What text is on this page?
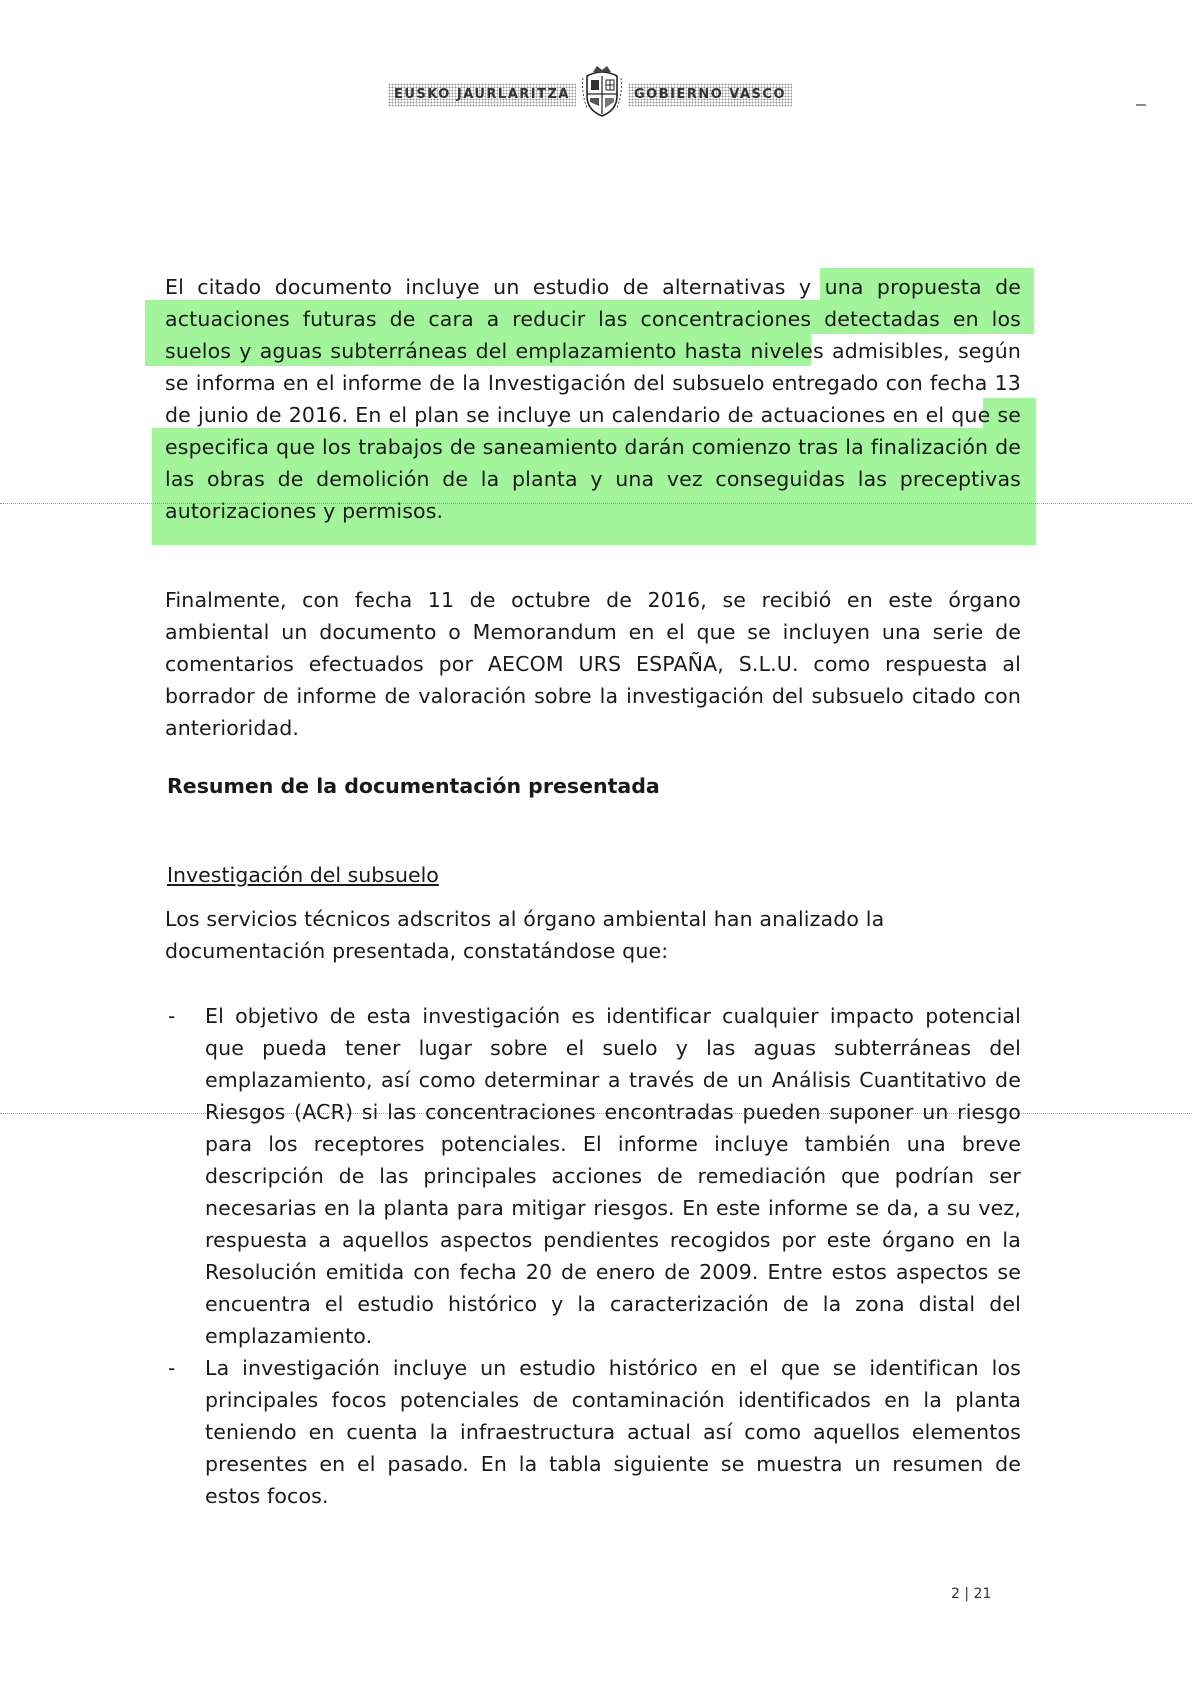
EUSKO JAURLARITZA	GOBIERNO VASCO

El citado documento incluye un estudio de alternativas y una propuesta de actuaciones futuras de cara a reducir las concentraciones detectadas en los suelos y aguas subterráneas del emplazamiento hasta niveles admisibles, según se informa en el informe de la Investigación del subsuelo entregado con fecha 13 de junio de 2016. En el plan se incluye un calendario de actuaciones en el que se especifica que los trabajos de saneamiento darán comienzo tras la finalización de las obras de demolición de la planta y una vez conseguidas las preceptivas autorizaciones y permisos.

Finalmente, con fecha 11 de octubre de 2016, se recibió en este órgano ambiental un documento o Memorandum en el que se incluyen una serie de comentarios efectuados por AECOM URS ESPAÑA, S.L.U. como respuesta al borrador de informe de valoración sobre la investigación del subsuelo citado con anterioridad.

Resumen de la documentación presentada
Investigación del subsuelo

Los servicios técnicos adscritos al órgano ambiental han analizado la documentación presentada, constatándose que:

- El objetivo de esta investigación es identificar cualquier impacto potencial que pueda tener lugar sobre el suelo y las aguas subterráneas del emplazamiento, así como determinar a través de un Análisis Cuantitativo de Riesgos (ACR) si las concentraciones encontradas pueden suponer un riesgo para los receptores potenciales. El informe incluye también una breve descripción de las principales acciones de remediación que podrían ser necesarias en la planta para mitigar riesgos. En este informe se da, a su vez, respuesta a aquellos aspectos pendientes recogidos por este órgano en la Resolución emitida con fecha 20 de enero de 2009. Entre estos aspectos se encuentra el estudio histórico y la caracterización de la zona distal del emplazamiento.

- La investigación incluye un estudio histórico en el que se identifican los principales focos potenciales de contaminación identificados en la planta teniendo en cuenta la infraestructura actual así como aquellos elementos presentes en el pasado. En la tabla siguiente se muestra un resumen de estos focos.

2 | 21
